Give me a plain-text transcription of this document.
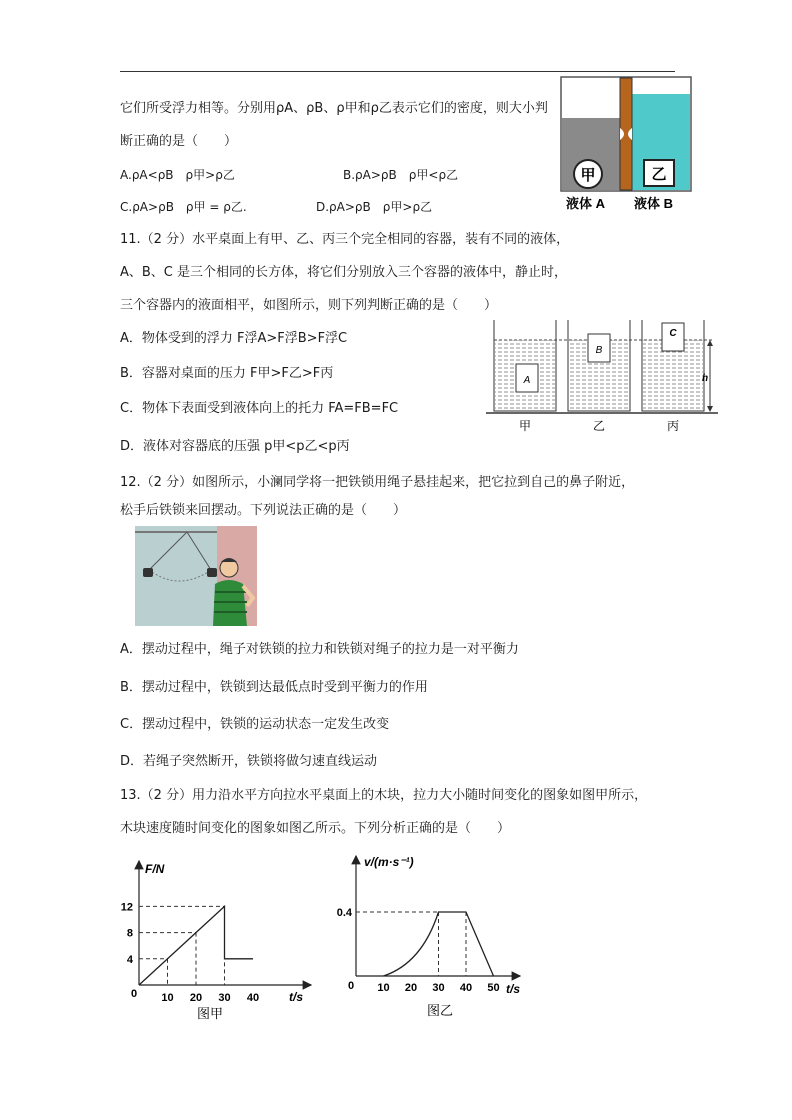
它们所受浮力相等。分别用ρA、ρB、ρ甲和ρ乙表示它们的密度，则大小判
断正确的是（　　）
A.ρA<ρB　ρ甲>ρ乙	B.ρA>ρB　ρ甲<ρ乙
C.ρA>ρB　ρ甲 = ρ乙.	D.ρA>ρB　ρ甲>ρ乙
甲	乙
液体 A 液体 B
11.（2 分）水平桌面上有甲、乙、丙三个完全相同的容器，装有不同的液体，
A、B、C 是三个相同的长方体，将它们分别放入三个容器的液体中，静止时，
三个容器内的液面相平，如图所示，则下列判断正确的是（　　）
A．物体受到的浮力 F浮A>F浮B>F浮C
B．容器对桌面的压力 F甲>F乙>F丙
C．物体下表面受到液体向上的托力 FA=FB=FC
D．液体对容器底的压强 p甲<p乙<p丙
A
B
C
h
甲	乙	丙
12.（2 分）如图所示，小澜同学将一把铁锁用绳子悬挂起来，把它拉到自己的鼻子附近，
松手后铁锁来回摆动。下列说法正确的是（　　）
A．摆动过程中，绳子对铁锁的拉力和铁锁对绳子的拉力是一对平衡力
B．摆动过程中，铁锁到达最低点时受到平衡力的作用
C．摆动过程中，铁锁的运动状态一定发生改变
D．若绳子突然断开，铁锁将做匀速直线运动
13.（2 分）用力沿水平方向拉水平桌面上的木块，拉力大小随时间变化的图象如图甲所示，
木块速度随时间变化的图象如图乙所示。下列分析正确的是（　　）
F/N
t/s
0 10 20 30 40
4
8
12
图甲
v/(m·s⁻¹)
t/s
0 10 20 30 40 50
0.4
图乙
